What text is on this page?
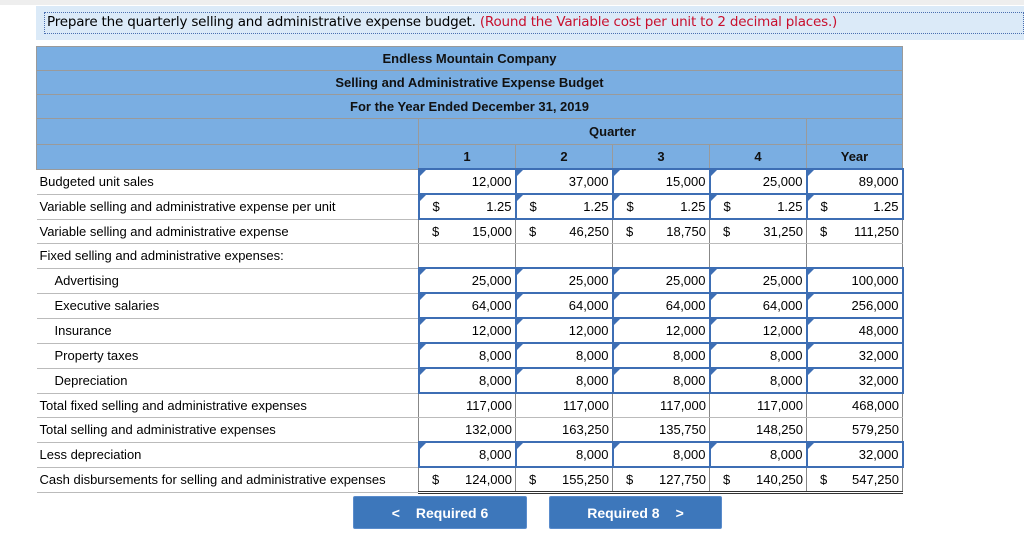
Prepare the quarterly selling and administrative expense budget. (Round the Variable cost per unit to 2 decimal places.)
Endless Mountain Company					
Selling and Administrative Expense Budget					
For the Year Ended December 31, 2019					
	Quarter				
	1	2	3	4	Year
Budgeted unit sales	12,000	37,000	15,000	25,000	89,000
Variable selling and administrative expense per unit	$ 1.25	$ 1.25	$ 1.25	$ 1.25	$ 1.25
Variable selling and administrative expense	$ 15,000	$ 46,250	$ 18,750	$ 31,250	$ 111,250
Fixed selling and administrative expenses:					
Advertising	25,000	25,000	25,000	25,000	100,000
Executive salaries	64,000	64,000	64,000	64,000	256,000
Insurance	12,000	12,000	12,000	12,000	48,000
Property taxes	8,000	8,000	8,000	8,000	32,000
Depreciation	8,000	8,000	8,000	8,000	32,000
Total fixed selling and administrative expenses	117,000	117,000	117,000	117,000	468,000
Total selling and administrative expenses	132,000	163,250	135,750	148,250	579,250
Less depreciation	8,000	8,000	8,000	8,000	32,000
Cash disbursements for selling and administrative expenses	$ 124,000	$ 155,250	$ 127,750	$ 140,250	$ 547,250
< Required 6	Required 8 >
